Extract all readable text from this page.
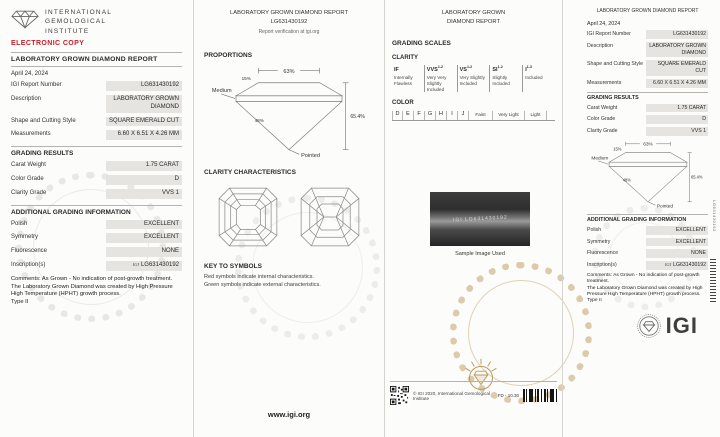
INTERNATIONAL
GEMOLOGICAL
INSTITUTE
ELECTRONIC COPY
LABORATORY GROWN DIAMOND REPORT
April 24, 2024
IGI Report Number	LG631430192
Description	LABORATORY GROWN DIAMOND
Shape and Cutting Style	SQUARE EMERALD CUT
Measurements	6.60 X 6.51 X 4.26 MM
GRADING RESULTS
Carat Weight	1.75 CARAT
Color Grade	D
Clarity Grade	VVS 1
ADDITIONAL GRADING INFORMATION
Polish	EXCELLENT
Symmetry	EXCELLENT
Fluorescence	NONE
Inscription(s)	IGI LG631430192
Comments: As Grown - No indication of post-growth treatment.
The Laboratory Grown Diamond was created by High Pressure High Temperature (HPHT) growth process.
Type II
LABORATORY GROWN DIAMOND REPORT
LG631430192
Report verification at igi.org
PROPORTIONS
63%
Medium
15%
48%
65.4%
Pointed
CLARITY CHARACTERISTICS
KEY TO SYMBOLS
Red symbols indicate internal characteristics.
Green symbols indicate external characteristics.
www.igi.org
LABORATORY GROWN
DIAMOND REPORT
GRADING SCALES
CLARITY
IF
Internally Flawless
VVS$^{1-2}$
Very Very Slightly Included
VS$^{1-2}$
Very Slightly Included
SI$^{1-2}$
Slightly Included
$I^{1-3}$
Included
COLOR
D	E	F	G	H	I	J	Faint	Very Light	Light
IGI LG631430192
Sample Image Used
© IGI 2020, International Gemological Institute	FD - 10.30
LABORATORY GROWN DIAMOND REPORT
April 24, 2024
IGI Report Number	LG631430192
Description	LABORATORY GROWN DIAMOND
Shape and Cutting Style	SQUARE EMERALD CUT
Measurements	6.60 X 6.51 X 4.26 MM
GRADING RESULTS
Carat Weight	1.75 CARAT
Color Grade	D
Clarity Grade	VVS 1
63%
Medium
15%
48%
65.4%
Pointed
ADDITIONAL GRADING INFORMATION
Polish	EXCELLENT
Symmetry	EXCELLENT
Fluorescence	NONE
Inscription(s)	IGI LG631430192
Comments: As Grown - No indication of post-growth treatment.
The Laboratory Grown Diamond was created by High Pressure High Temperature (HPHT) growth process.
Type II
IGI
LG631430192
